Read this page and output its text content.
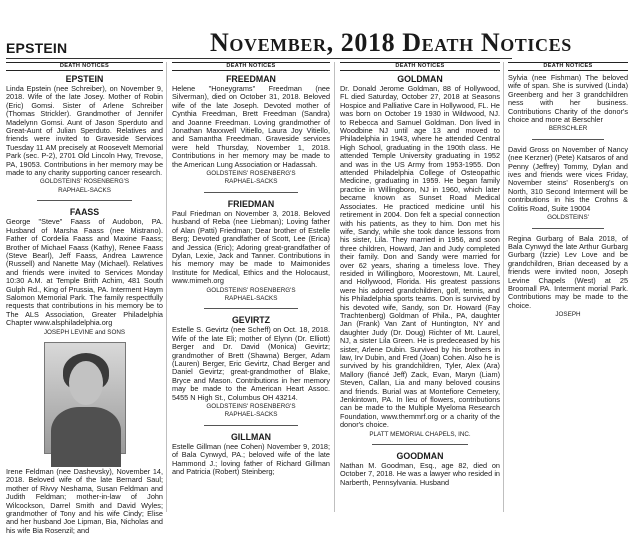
EPSTEIN	November, 2018 Death Notices
DEATH NOTICES
EPSTEIN
Linda Epstein (nee Schreiber), on November 9, 2018. Wife of the late Josey. Mother of Robin (Eric) Gomsi. Sister of Arlene Schreiber (Thomas Strickler). Grandmother of Jennifer Madelynn Gomsi. Aunt of Jason Sperduto and Great-Aunt of Julian Sperduto. Relatives and friends were invited to Graveside Services Tuesday 11 AM precisely at Roosevelt Memorial Park (sec. P-2), 2701 Old Lincoln Hwy, Trevose, PA, 19053. Contributions in her memory may be made to any charity supporting cancer research.
GOLDSTEINS' ROSENBERG'S
RAPHAEL-SACKS
FAASS
George "Steve" Faass of Audobon, PA. Husband of Marsha Faass (nee Mistrano). Father of Cordelia Faass and Maxine Faass; Brother of Michael Faass (Kathy), Renee Faass (Steve Bearl), Jeff Faass, Andrea Lawrence (Russell) and Nanette May (Michael). Relatives and friends were invited to Services Monday 10:30 A.M. at Temple Brith Achim, 481 South Gulph Rd., King of Prussia, PA. Interment Haym Salomon Memorial Park. The family respectfully requests that contributions in his memory be to The ALS Association, Greater Philadelphia Chapter www.alsphiladelphia.org
JOSEPH LEVINE and SONS
Irene Feldman (nee Dashevsky), November 14, 2018. Beloved wife of the late Bernard Saul; mother of Rivvy Neshama, Susan Feldman and Judith Feldman; mother-in-law of John Wilcockson, Darrel Smith and David Wyles; grandmother of Tony and his wife Cindy; Elise and her husband Joe Lipman, Bia, Nicholas and his wife Bia Rosenzil; and
DEATH NOTICES
FREEDMAN
Helene "Honeygrams" Freedman (nee Silverman), died on October 31, 2018. Beloved wife of the late Joseph. Devoted mother of Cynthia Freedman, Brett Freedman (Sandra) and Joanne Freedman. Loving grandmother of Jonathan Maxxwell Vitiello, Laura Joy Vitiello, and Samantha Freedman. Graveside services were held Thursday, November 1, 2018. Contributions in her memory may be made to the American Lung Association or Hadassah.
GOLDSTEINS' ROSENBERG'S
RAPHAEL-SACKS
FRIEDMAN
Paul Friedman on November 3, 2018. Beloved husband of Reba (nee Liebman); Loving father of Alan (Patti) Friedman; Dear brother of Estelle Berg; Devoted grandfather of Scott, Lee (Erica) and Jessica (Eric); Adoring great-grandfather of Dylan, Lexie, Jack and Tanner. Contributions in his memory may be made to Maimonides Institute for Medical, Ethics and the Holocaust, www.mimeh.org
GOLDSTEINS' ROSENBERG'S
RAPHAEL-SACKS
GEVIRTZ
Estelle S. Gevirtz (nee Scheff) on Oct. 18, 2018. Wife of the late Eli; mother of Elynn (Dr. Elliott) Berger and Dr. David (Monica) Gevirtz; grandmother of Brett (Shawna) Berger, Adam (Lauren) Berger, Eric Gevirtz, Chad Berger and Daniel Gevirtz; great-grandmother of Blake, Bryce and Mason. Contributions in her memory may be made to the American Heart Assoc. 5455 N High St., Columbus OH 43214.
GOLDSTEINS' ROSENBERG'S
RAPHAEL-SACKS
GILLMAN
Estelle Gillman (nee Cohen) November 9, 2018; of Bala Cynwyd, PA.; beloved wife of the late Hammond J.; loving father of Richard Gillman and Patricia (Robert) Steinberg;
DEATH NOTICES
GOLDMAN
Dr. Donald Jerome Goldman, 88 of Hollywood, FL died Saturday, October 27, 2018 at Seasons Hospice and Palliative Care in Hollywood, FL. He was born on October 19 1930 in Wildwood, NJ. to Rebecca and Samuel Goldman. Don lived in Woodbine NJ until age 13 and moved to Philadelphia in 1943, where he attended Central High School, graduating in the 190th class. He attended Temple University graduating in 1952 and was in the US Army from 1953-1955. Don attended Philadelphia College of Osteopathic Medicine, graduating in 1959. He began family practice in Willingboro, NJ in 1960, which later became known as Sunset Road Medical Associates. He practiced medicine until his retirement in 2004. Don felt a special connection with his patients, as they to him. Don met his wife, Sandy, while she took dance lessons from his sister, Lila. They married in 1956, and soon three children, Howard, Jan and Judy completed their family. Don and Sandy were married for over 62 years, sharing a timeless love. They resided in Willingboro, Moorestown, Mt. Laurel, and Hollywood, Florida. His greatest passions were his adored grandchildren, golf, tennis, and his Philadelphia sports teams. Don is survived by his devoted wife, Sandy, son Dr. Howard (Fay Trachtenberg) Goldman of Phila., PA, daughter Jan (Frank) Van Zant of Huntington, NY and daughter Judy (Dr. Doug) Richter of Mt. Laurel, NJ, a sister Lila Green. He is predeceased by his sister, Arlene Dubin. Survived by his brothers in law, Irv Dubin, and Fred (Joan) Cohen. Also he is survived by his grandchildren, Tyler, Alex (Ara) Mallory (fiancé Jeff) Zack, Evan, Maryn (Liam) Steven, Callan, Lia and many beloved cousins and friends. Burial was at Montefiore Cemetery, Jenkintown, PA. In lieu of flowers, contributions can be made to the Multiple Myeloma Research Foundation, www.themmrf.org or a charity of the donor's choice.
PLATT MEMORIAL CHAPELS, INC.
GOODMAN
Nathan M. Goodman, Esq., age 82, died on October 7, 2018. He was a lawyer who resided in Narberth, Pennsylvania. Husband
DEATH NOTICES
Sylvia (nee Fishman) The beloved wife of span. She is survived (Linda) Greenberg and her 3 grandchildren ness with her business. Contributions Charity of the donor's choice and more at Berschler
BERSCHLER
David Gross on November of Nancy (nee Kerzner) (Pete) Katsaros of and Penny (Jeffrey) Tommy, Dylan and ives and friends were vices Friday, November steins' Rosenberg's on North, 310 Second Interment will be contributions in his the Crohns & Colitis Road, Suite 19004
GOLDSTEINS'
Regina Gurbarg of Bala 2018, of Bala Cynwyd the late Arthur Gurbarg Gurbarg (Izzie) Lev Love and be grandchildren, Brian deceased by a friends were invited noon, Joseph Levine Chapels (West) at 25 Broomall PA. Interment morial Park. Contributions may be made to the choice.
JOSEPH
